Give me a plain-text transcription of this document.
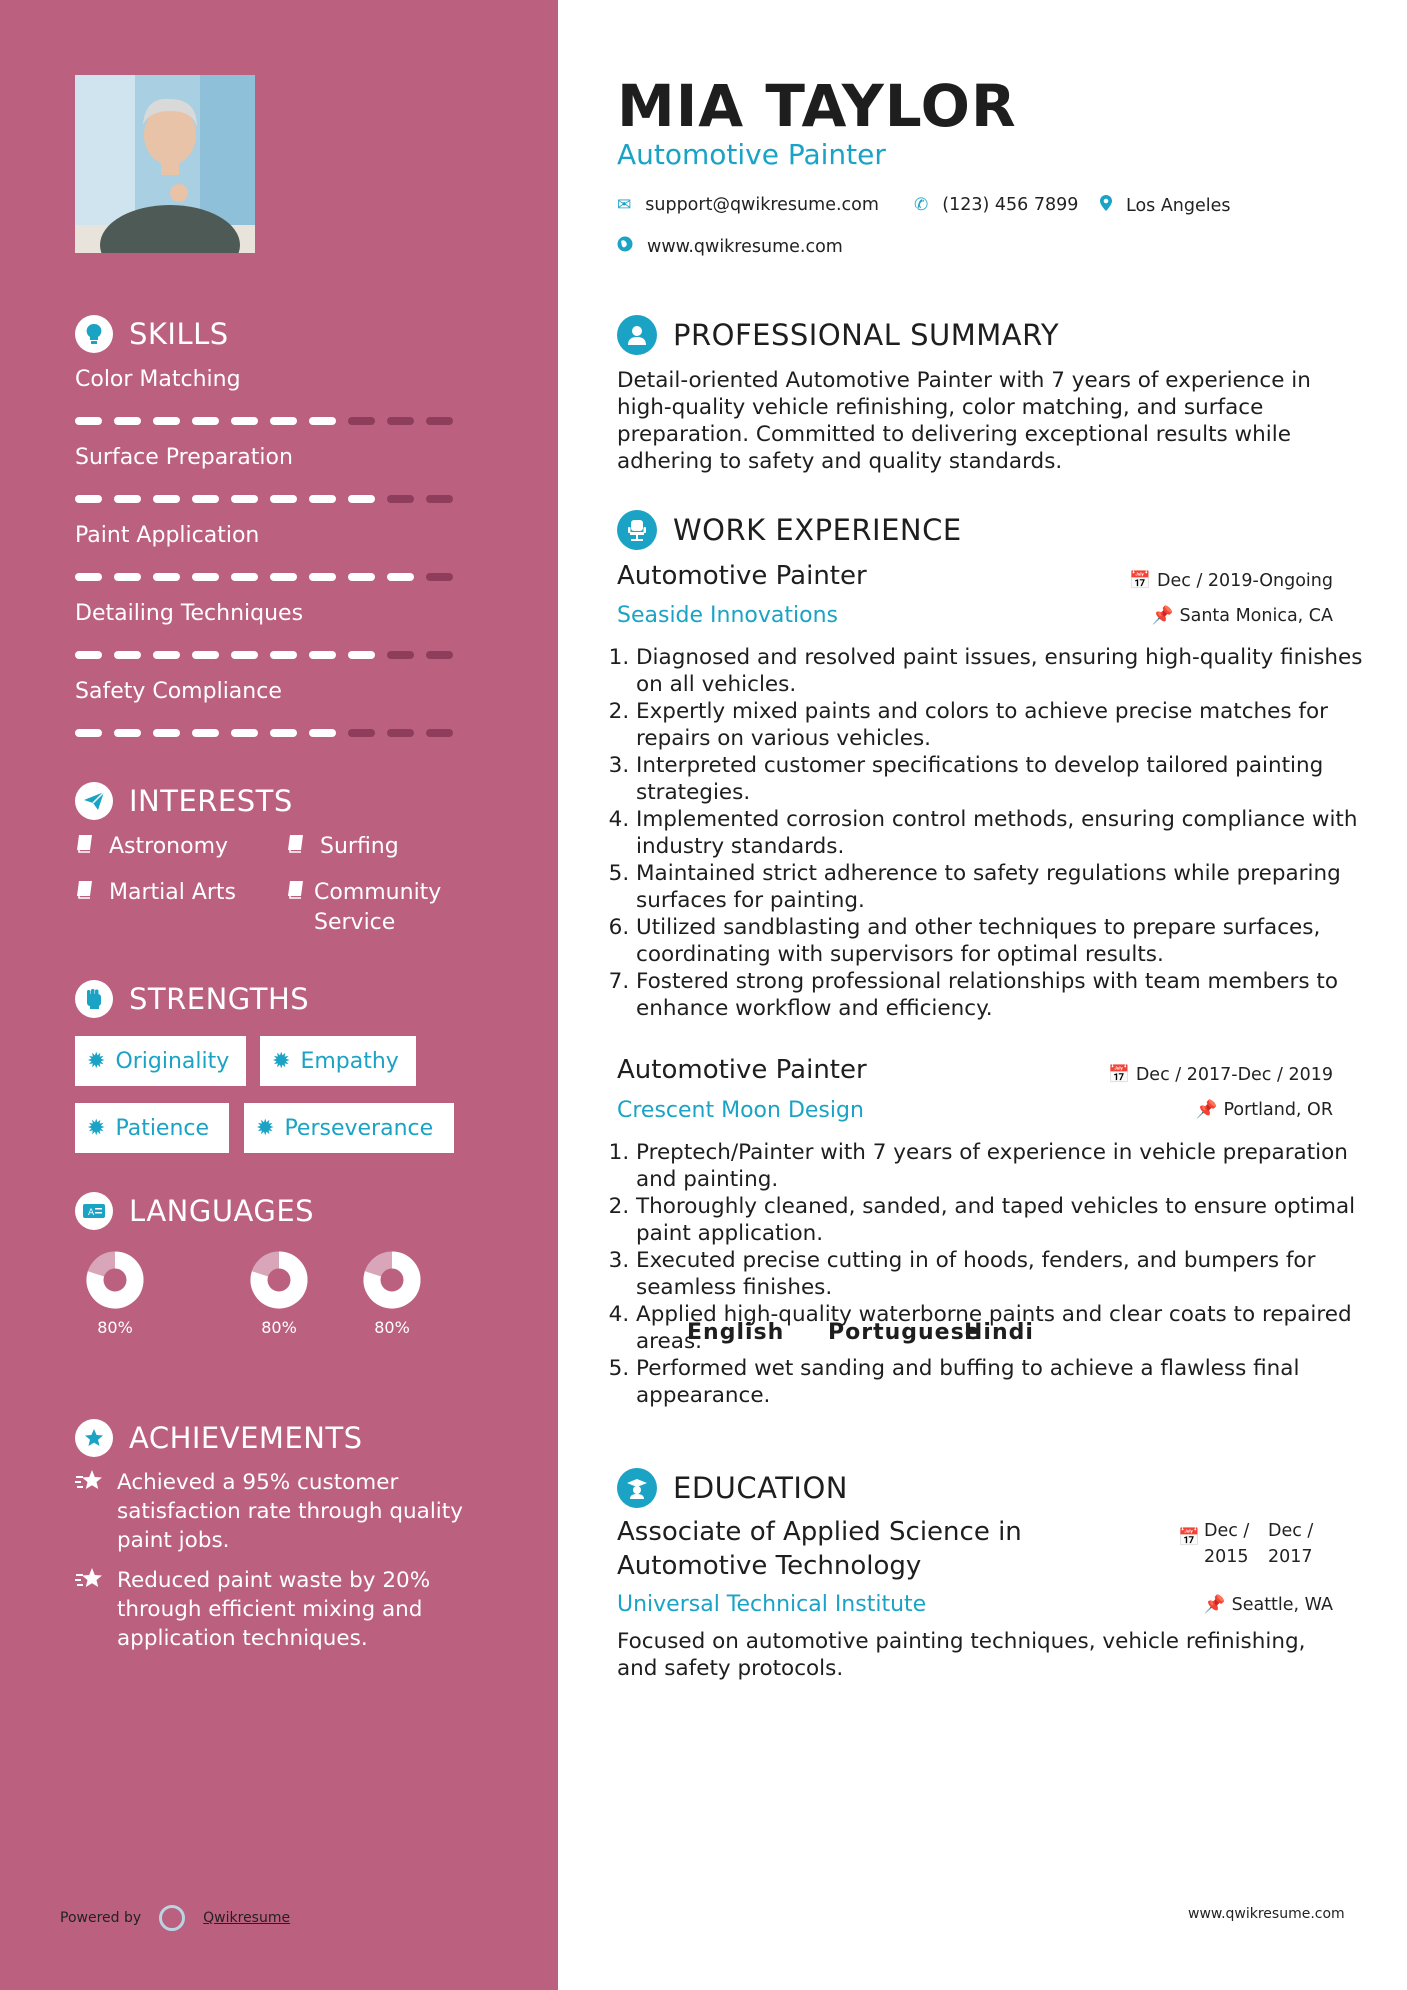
SKILLS
Color Matching
Surface Preparation
Paint Application
Detailing Techniques
Safety Compliance
INTERESTS
Astronomy	Surfing
Martial Arts	Community Service
STRENGTHS
✹ Originality ✹ Empathy
✹ Patience ✹ Perseverance
A LANGUAGES
English
80%	Portuguese
80%	Hindi
80%
ACHIEVEMENTS
Achieved a 95% customer satisfaction rate through quality paint jobs.
Reduced paint waste by 20% through efficient mixing and application techniques.
Powered by	Qwikresume
MIA TAYLOR
Automotive Painter
✉ support@qwikresume.com ✆ (123) 456 7899	Los Angeles
www.qwikresume.com
PROFESSIONAL SUMMARY
Detail-oriented Automotive Painter with 7 years of experience in high-quality vehicle refinishing, color matching, and surface preparation. Committed to delivering exceptional results while adhering to safety and quality standards.
WORK EXPERIENCE
Automotive Painter
Seaside Innovations
📅 Dec / 2019-Ongoing
📌 Santa Monica, CA
1. Diagnosed and resolved paint issues, ensuring high-quality finishes on all vehicles.
2. Expertly mixed paints and colors to achieve precise matches for repairs on various vehicles.
3. Interpreted customer specifications to develop tailored painting strategies.
4. Implemented corrosion control methods, ensuring compliance with industry standards.
5. Maintained strict adherence to safety regulations while preparing surfaces for painting.
6. Utilized sandblasting and other techniques to prepare surfaces, coordinating with supervisors for optimal results.
7. Fostered strong professional relationships with team members to enhance workflow and efficiency.
Automotive Painter
Crescent Moon Design
📅 Dec / 2017-Dec / 2019
📌 Portland, OR
1. Preptech/Painter with 7 years of experience in vehicle preparation and painting.
2. Thoroughly cleaned, sanded, and taped vehicles to ensure optimal paint application.
3. Executed precise cutting in of hoods, fenders, and bumpers for seamless finishes.
4. Applied high-quality waterborne paints and clear coats to repaired areas.
5. Performed wet sanding and buffing to achieve a flawless final appearance.
EDUCATION
Associate of Applied Science in Automotive Technology
Universal Technical Institute
📅 Dec / 2015
Dec / 2017
📌 Seattle, WA
Focused on automotive painting techniques, vehicle refinishing, and safety protocols.
www.qwikresume.com
